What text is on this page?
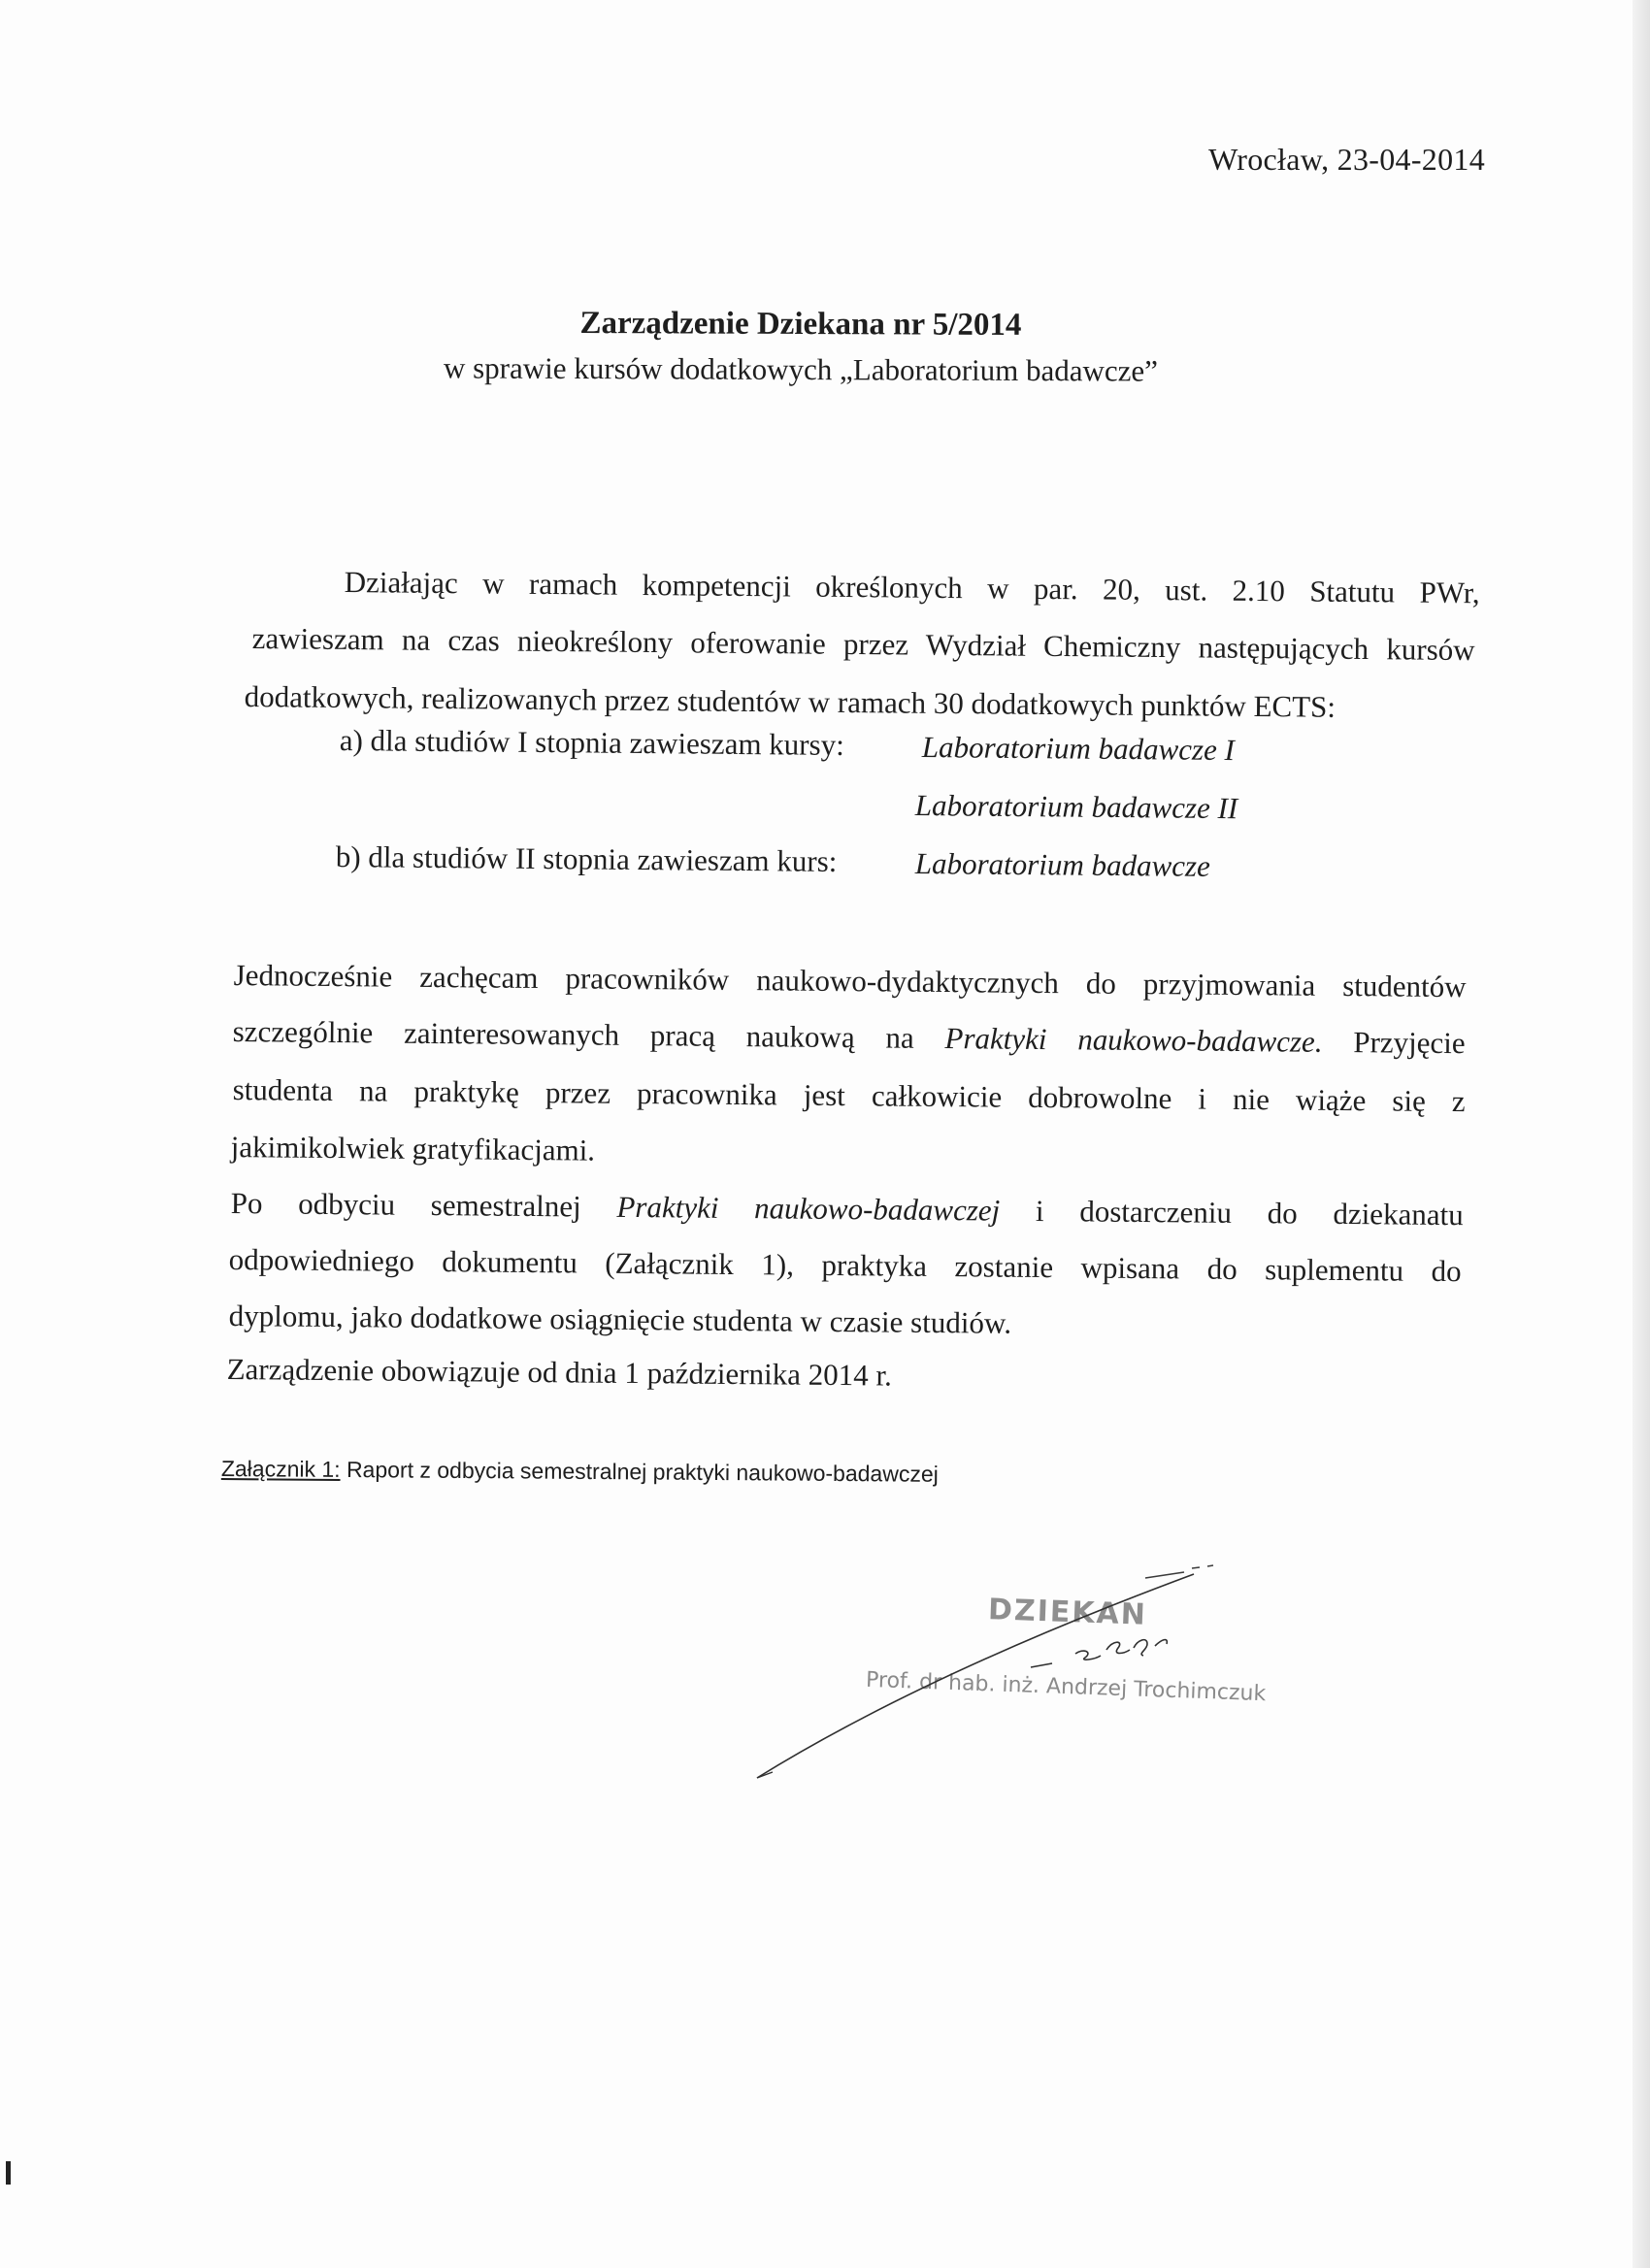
Wrocław, 23-04-2014
Zarządzenie Dziekana nr 5/2014
w sprawie kursów dodatkowych „Laboratorium badawcze”
Działając w ramach kompetencji określonych w par. 20, ust. 2.10 Statutu PWr,
zawieszam na czas nieokreślony oferowanie przez Wydział Chemiczny następujących kursów
dodatkowych, realizowanych przez studentów w ramach 30 dodatkowych punktów ECTS:
a) dla studiów I stopnia zawieszam kursy:	Laboratorium badawcze I
Laboratorium badawcze II
b) dla studiów II stopnia zawieszam kurs:	Laboratorium badawcze
Jednocześnie zachęcam pracowników naukowo-dydaktycznych do przyjmowania studentów
szczególnie zainteresowanych pracą naukową na Praktyki naukowo-badawcze. Przyjęcie
studenta na praktykę przez pracownika jest całkowicie dobrowolne i nie wiąże się z
jakimikolwiek gratyfikacjami.
Po odbyciu semestralnej Praktyki naukowo-badawczej i dostarczeniu do dziekanatu
odpowiedniego dokumentu (Załącznik 1), praktyka zostanie wpisana do suplementu do
dyplomu, jako dodatkowe osiągnięcie studenta w czasie studiów.
Zarządzenie obowiązuje od dnia 1 października 2014 r.
Załącznik 1: Raport z odbycia semestralnej praktyki naukowo-badawczej
DZIEKAN
Prof. dr hab. inż. Andrzej Trochimczuk
